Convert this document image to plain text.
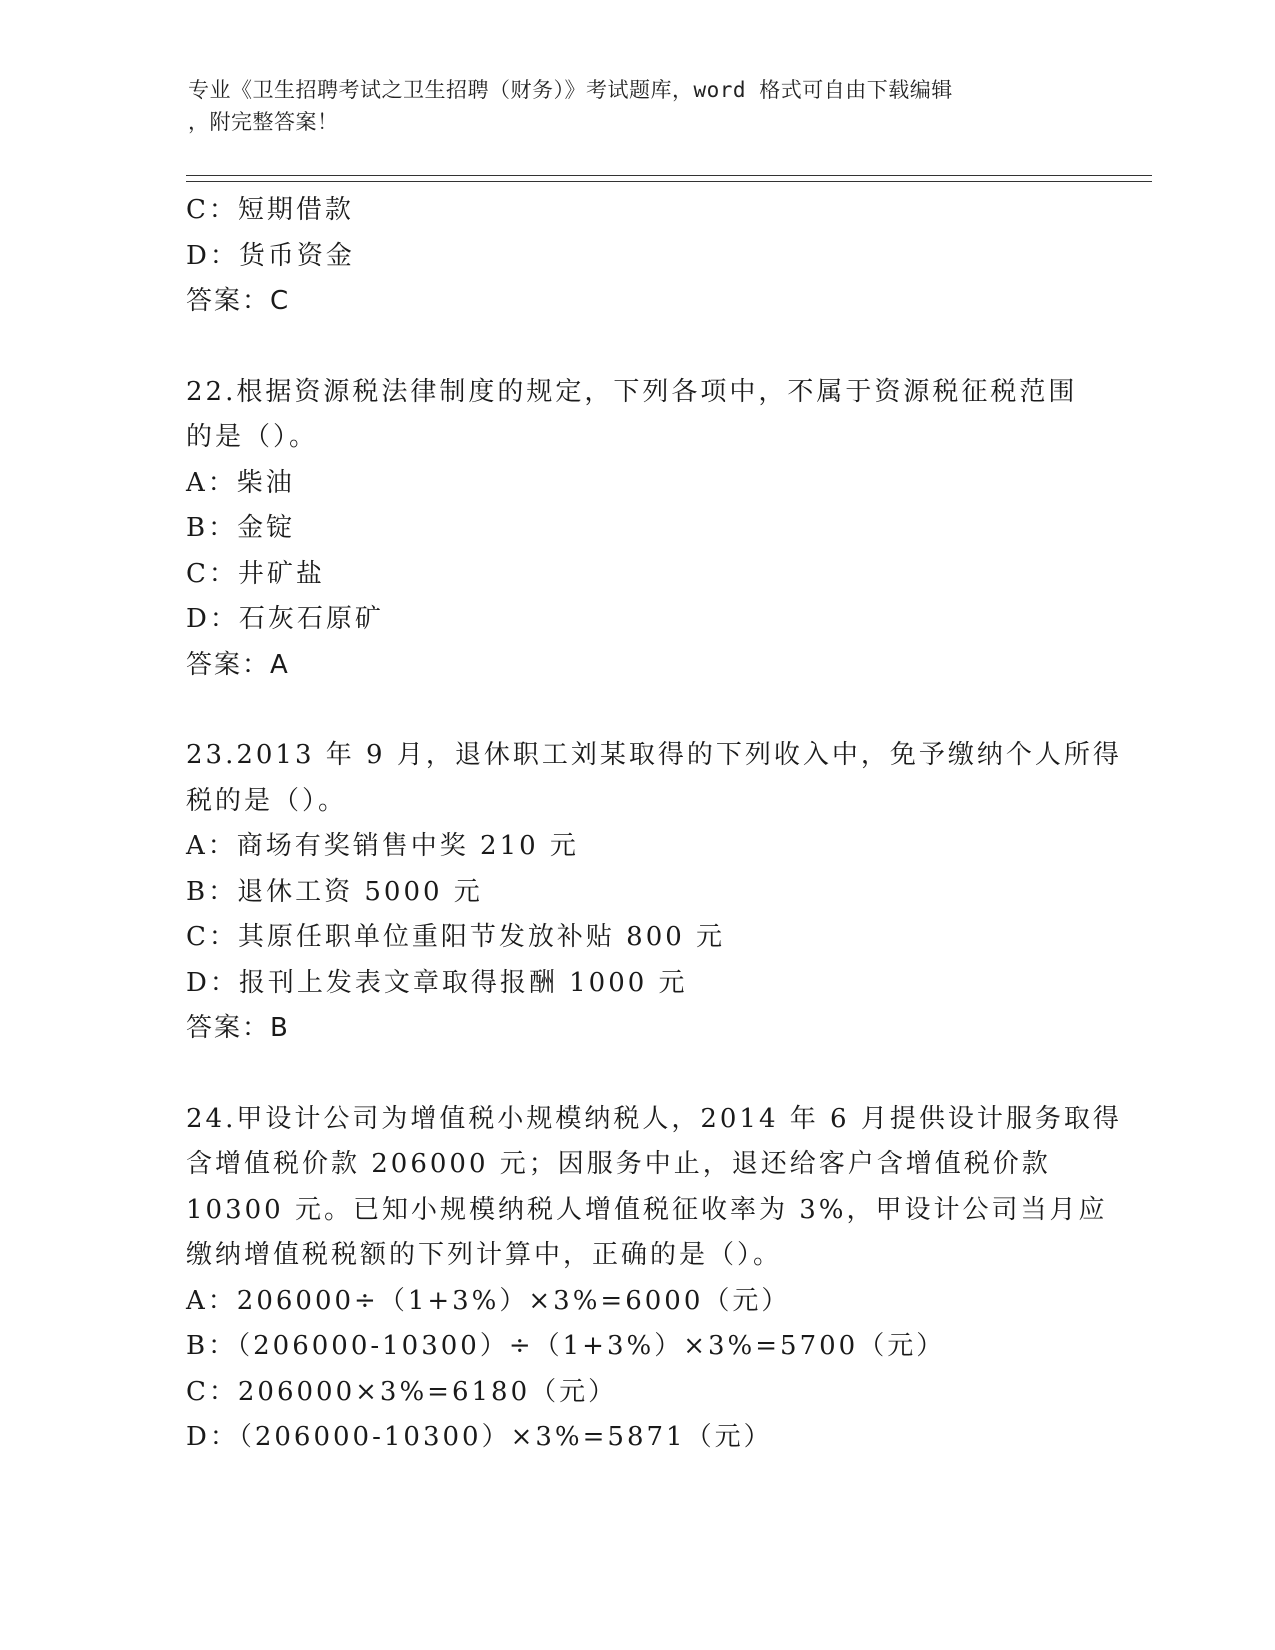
专业《卫生招聘考试之卫生招聘（财务）》考试题库，word 格式可自由下载编辑
，附完整答案！
C：短期借款
D：货币资金
答案：C
22.根据资源税法律制度的规定，下列各项中，不属于资源税征税范围
的是（）。
A：柴油
B：金锭
C：井矿盐
D：石灰石原矿
答案：A
23.2013 年 9 月，退休职工刘某取得的下列收入中，免予缴纳个人所得
税的是（）。
A：商场有奖销售中奖 210 元
B：退休工资 5000 元
C：其原任职单位重阳节发放补贴 800 元
D：报刊上发表文章取得报酬 1000 元
答案：B
24.甲设计公司为增值税小规模纳税人，2014 年 6 月提供设计服务取得
含增值税价款 206000 元；因服务中止，退还给客户含增值税价款
10300 元。已知小规模纳税人增值税征收率为 3%，甲设计公司当月应
缴纳增值税税额的下列计算中，正确的是（）。
A：206000÷（1+3%）×3%=6000（元）
B：（206000-10300）÷（1+3%）×3%=5700（元）
C：206000×3%=6180（元）
D：（206000-10300）×3%=5871（元）
